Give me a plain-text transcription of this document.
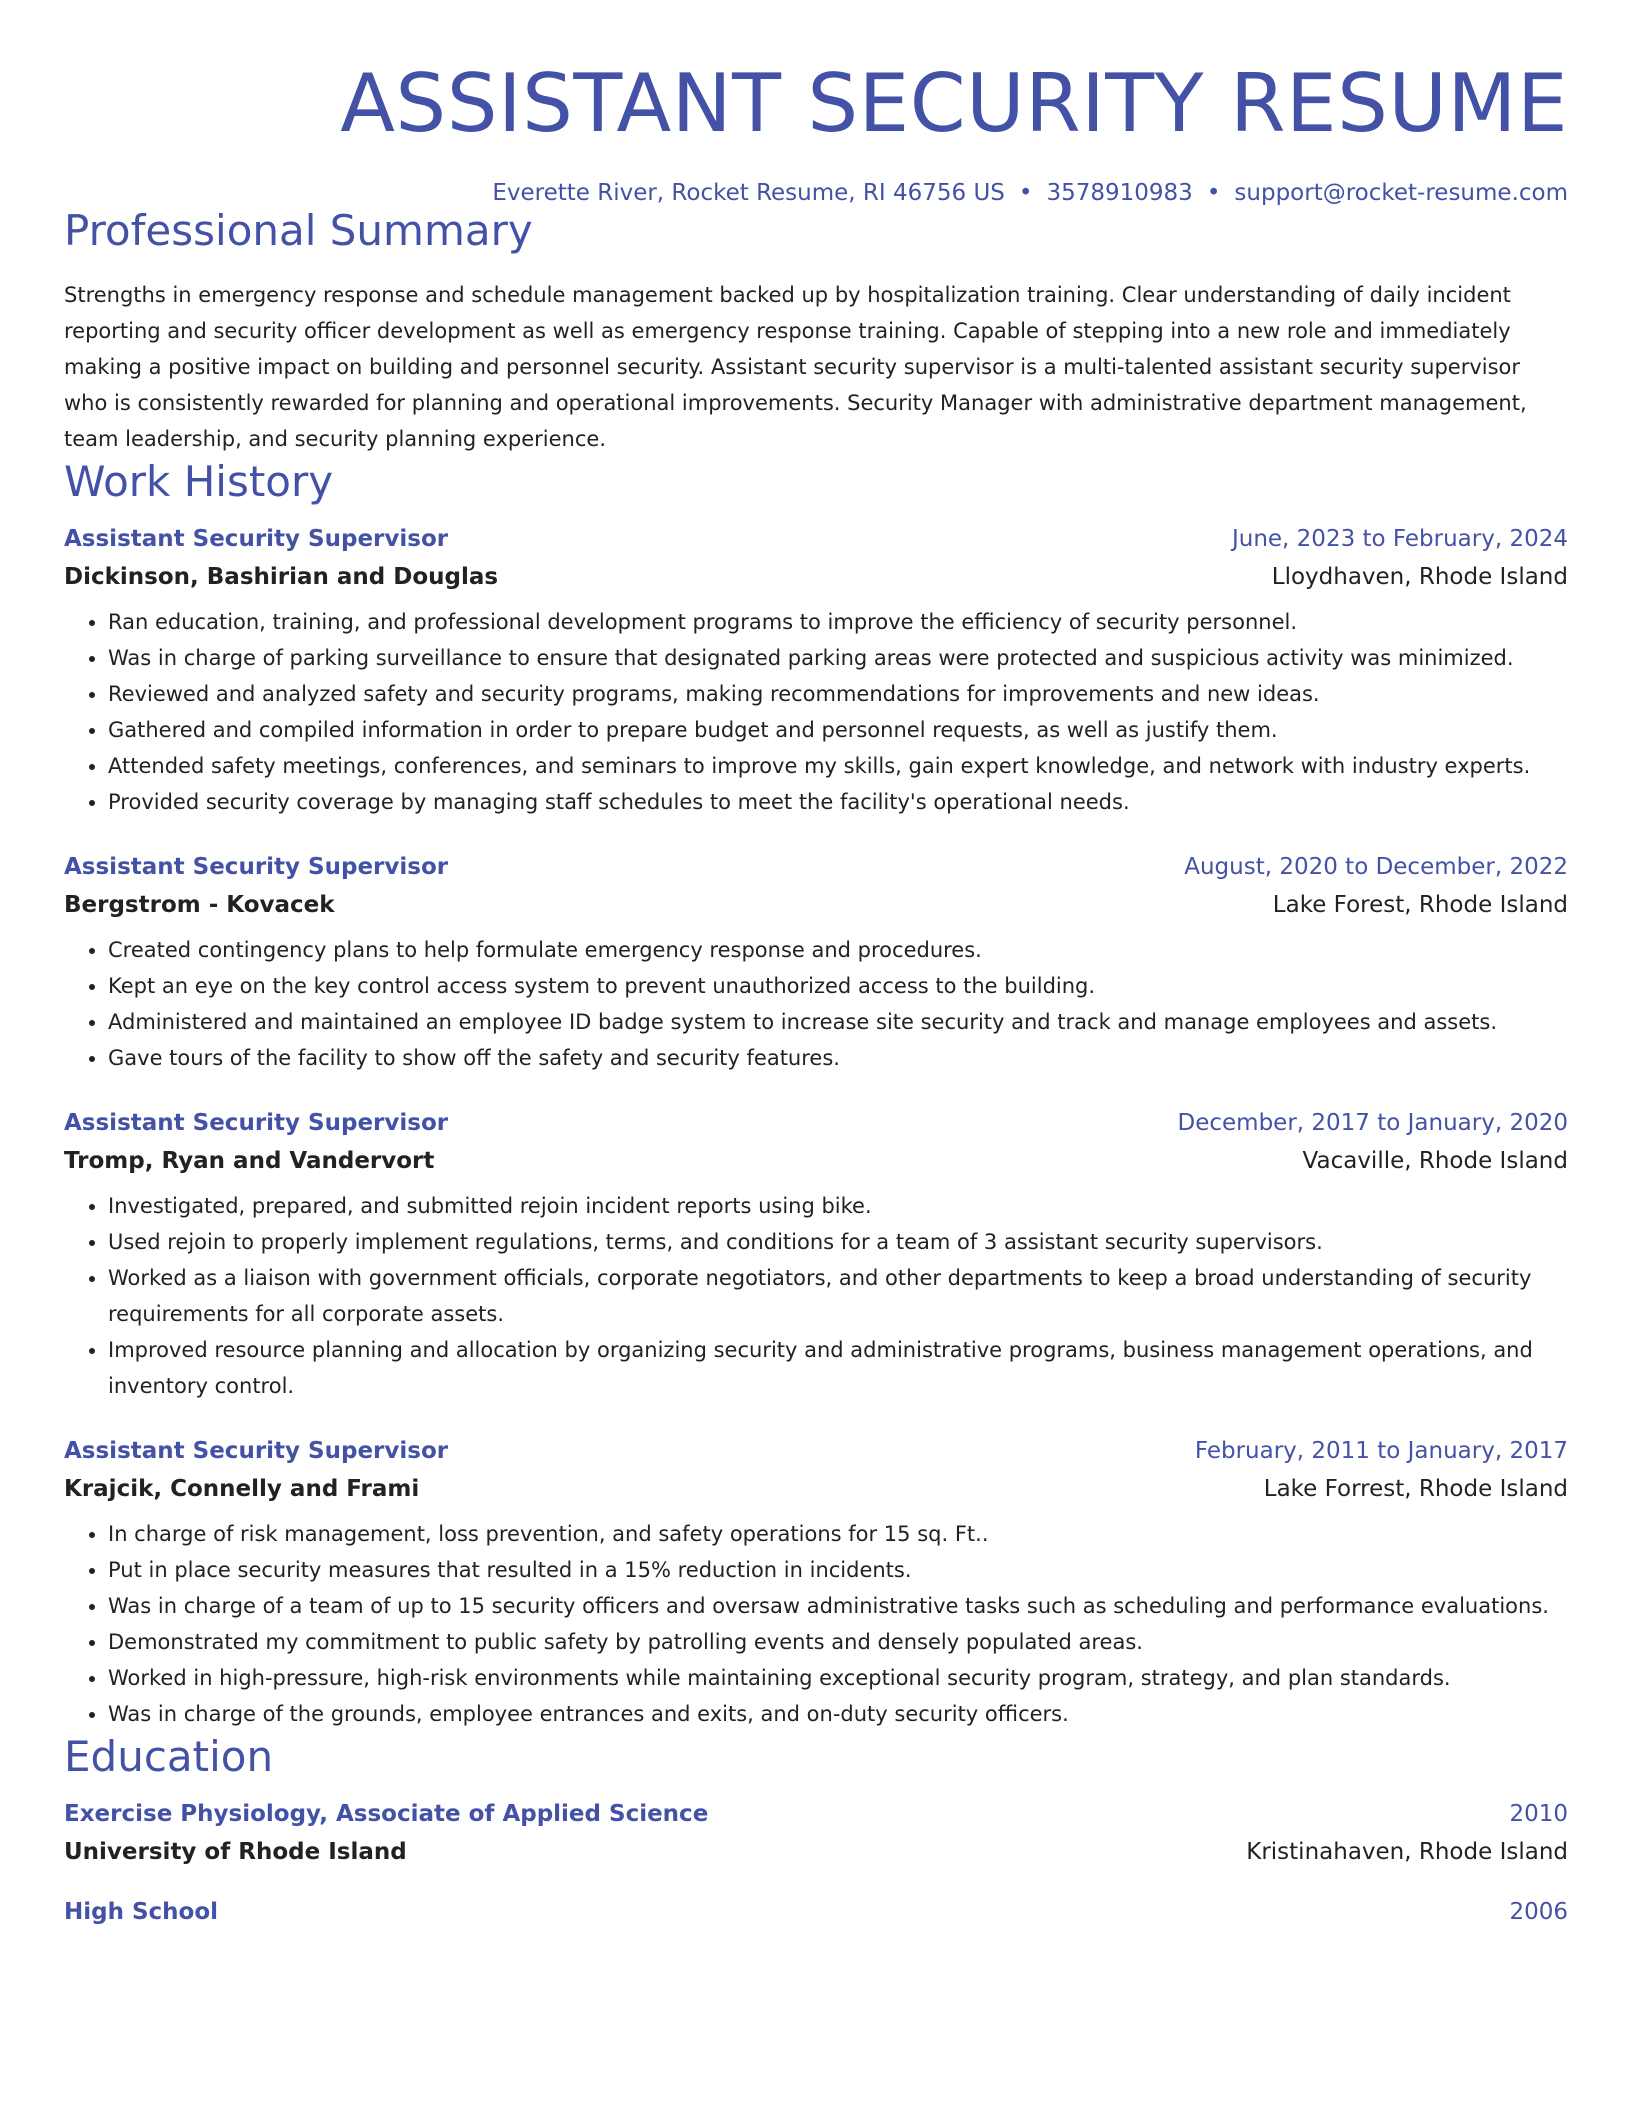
ASSISTANT SECURITY RESUME
Everette River, Rocket Resume, RI 46756 US • 3578910983 • support@rocket-resume.com
Professional Summary
Strengths in emergency response and schedule management backed up by hospitalization training. Clear understanding of daily incident reporting and security officer development as well as emergency response training. Capable of stepping into a new role and immediately making a positive impact on building and personnel security. Assistant security supervisor is a multi-talented assistant security supervisor who is consistently rewarded for planning and operational improvements. Security Manager with administrative department management, team leadership, and security planning experience.
Work History
Assistant Security Supervisor	June, 2023 to February, 2024
Dickinson, Bashirian and Douglas	Lloydhaven, Rhode Island
• Ran education, training, and professional development programs to improve the efficiency of security personnel.
• Was in charge of parking surveillance to ensure that designated parking areas were protected and suspicious activity was minimized.
• Reviewed and analyzed safety and security programs, making recommendations for improvements and new ideas.
• Gathered and compiled information in order to prepare budget and personnel requests, as well as justify them.
• Attended safety meetings, conferences, and seminars to improve my skills, gain expert knowledge, and network with industry experts.
• Provided security coverage by managing staff schedules to meet the facility's operational needs.
Assistant Security Supervisor	August, 2020 to December, 2022
Bergstrom - Kovacek	Lake Forest, Rhode Island
• Created contingency plans to help formulate emergency response and procedures.
• Kept an eye on the key control access system to prevent unauthorized access to the building.
• Administered and maintained an employee ID badge system to increase site security and track and manage employees and assets.
• Gave tours of the facility to show off the safety and security features.
Assistant Security Supervisor	December, 2017 to January, 2020
Tromp, Ryan and Vandervort	Vacaville, Rhode Island
• Investigated, prepared, and submitted rejoin incident reports using bike.
• Used rejoin to properly implement regulations, terms, and conditions for a team of 3 assistant security supervisors.
• Worked as a liaison with government officials, corporate negotiators, and other departments to keep a broad understanding of security requirements for all corporate assets.
• Improved resource planning and allocation by organizing security and administrative programs, business management operations, and inventory control.
Assistant Security Supervisor	February, 2011 to January, 2017
Krajcik, Connelly and Frami	Lake Forrest, Rhode Island
• In charge of risk management, loss prevention, and safety operations for 15 sq. Ft..
• Put in place security measures that resulted in a 15% reduction in incidents.
• Was in charge of a team of up to 15 security officers and oversaw administrative tasks such as scheduling and performance evaluations.
• Demonstrated my commitment to public safety by patrolling events and densely populated areas.
• Worked in high-pressure, high-risk environments while maintaining exceptional security program, strategy, and plan standards.
• Was in charge of the grounds, employee entrances and exits, and on-duty security officers.
Education
Exercise Physiology, Associate of Applied Science	2010
University of Rhode Island	Kristinahaven, Rhode Island
High School	2006
